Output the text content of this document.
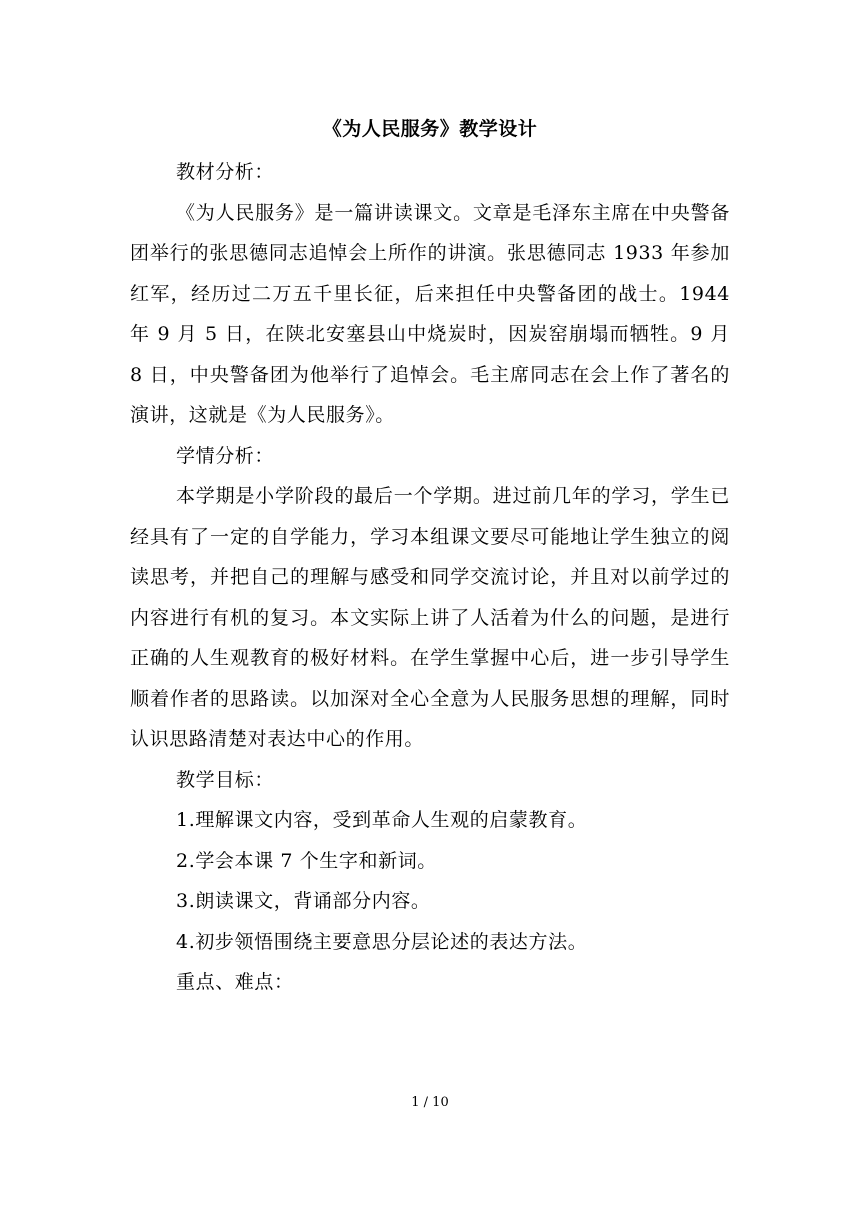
《为人民服务》教学设计

教材分析：

《为人民服务》是一篇讲读课文。文章是毛泽东主席在中央警备团举行的张思德同志追悼会上所作的讲演。张思德同志 1933 年参加红军，经历过二万五千里长征，后来担任中央警备团的战士。1944 年 9 月 5 日，在陕北安塞县山中烧炭时，因炭窑崩塌而牺牲。9 月 8 日，中央警备团为他举行了追悼会。毛主席同志在会上作了著名的演讲，这就是《为人民服务》。

学情分析：

本学期是小学阶段的最后一个学期。进过前几年的学习，学生已经具有了一定的自学能力，学习本组课文要尽可能地让学生独立的阅读思考，并把自己的理解与感受和同学交流讨论，并且对以前学过的内容进行有机的复习。本文实际上讲了人活着为什么的问题，是进行正确的人生观教育的极好材料。在学生掌握中心后，进一步引导学生顺着作者的思路读。以加深对全心全意为人民服务思想的理解，同时认识思路清楚对表达中心的作用。

教学目标：

1.理解课文内容，受到革命人生观的启蒙教育。

2.学会本课 7 个生字和新词。

3.朗读课文，背诵部分内容。

4.初步领悟围绕主要意思分层论述的表达方法。

重点、难点：

1 / 10
